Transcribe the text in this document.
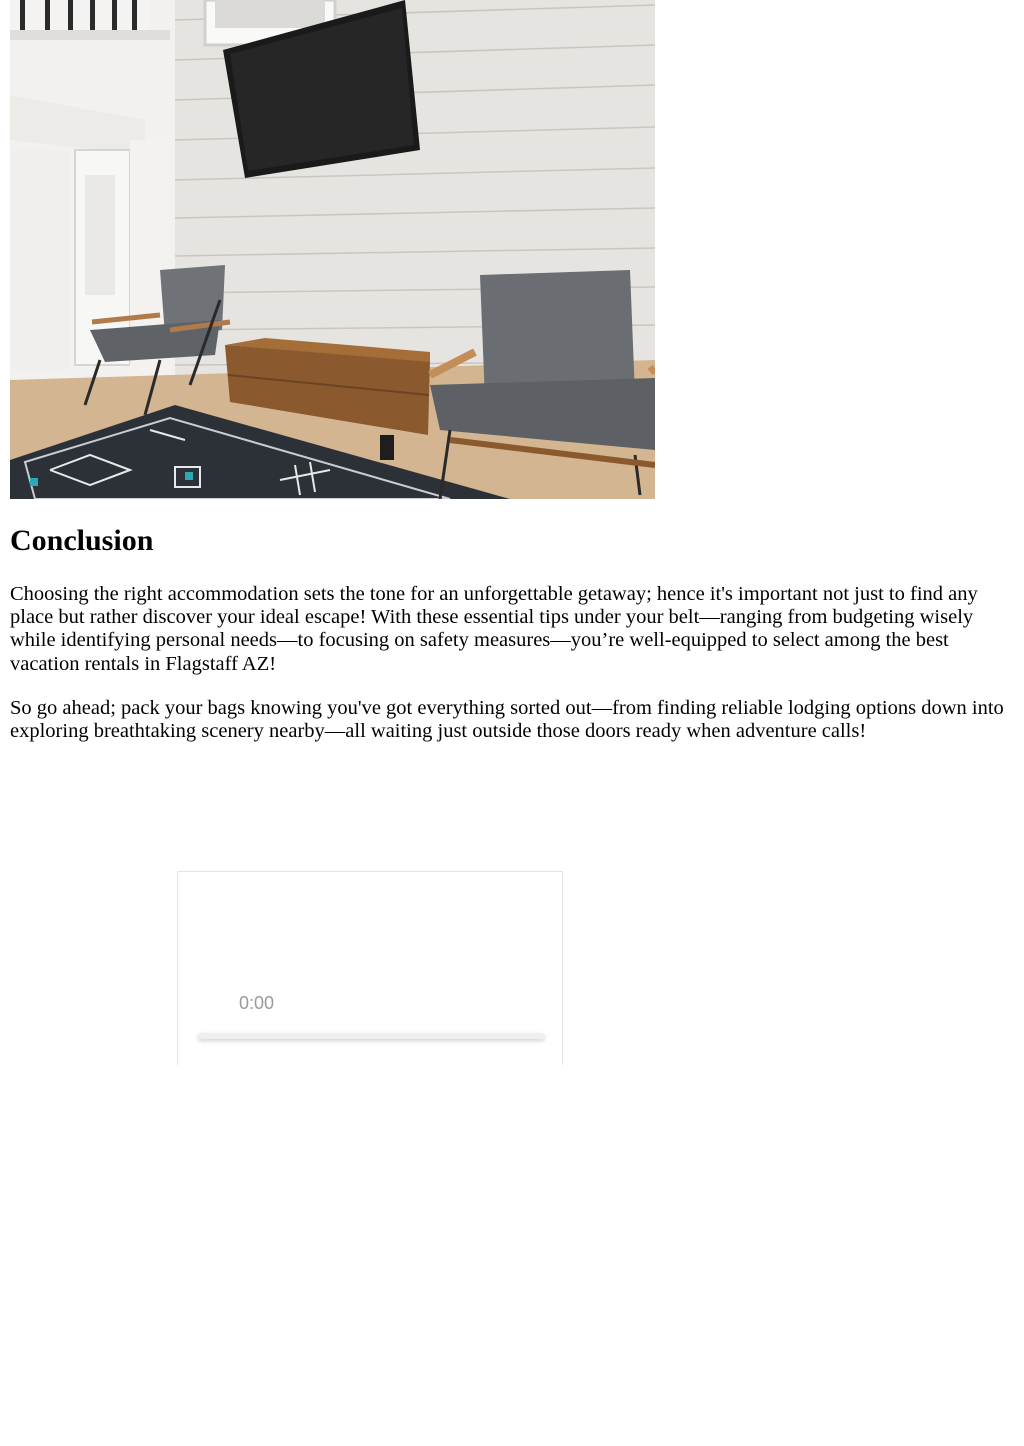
Conclusion

Choosing the right accommodation sets the tone for an unforgettable getaway; hence it's important not just to find any place but rather discover your ideal escape! With these essential tips under your belt—ranging from budgeting wisely while identifying personal needs—to focusing on safety measures—you’re well-equipped to select among the best vacation rentals in Flagstaff AZ!

So go ahead; pack your bags knowing you've got everything sorted out—from finding reliable lodging options down into exploring breathtaking scenery nearby—all waiting just outside those doors ready when adventure calls!

0:00
